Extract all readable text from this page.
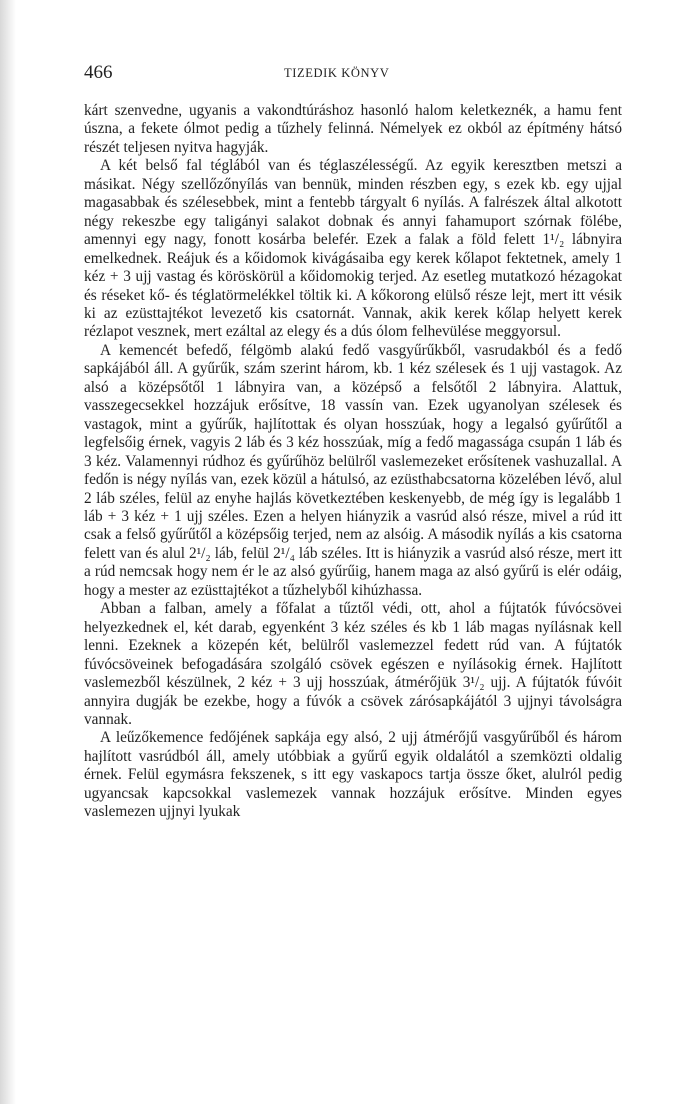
466	TIZEDIK KÖNYV

kárt szenvedne, ugyanis a vakondtúráshoz hasonló halom keletkeznék, a hamu fent úszna, a fekete ólmot pedig a tűzhely felinná. Némelyek ez okból az építmény hátsó részét teljesen nyitva hagyják.

A két belső fal téglából van és téglaszélességű. Az egyik keresztben metszi a másikat. Négy szellőzőnyílás van bennük, minden részben egy, s ezek kb. egy ujjal magasabbak és szélesebbek, mint a fentebb tárgyalt 6 nyílás. A falrészek által alkotott négy rekeszbe egy taligányi salakot dobnak és annyi fahamuport szórnak fölébe, amennyi egy nagy, fonott kosárba belefér. Ezek a falak a föld felett 1¹/₂ lábnyira emelkednek. Reájuk és a kőidomok kivágásaiba egy kerek kőlapot fektetnek, amely 1 kéz + 3 ujj vastag és köröskörül a kőidomokig terjed. Az esetleg mutatkozó hézagokat és réseket kő- és téglatörmelékkel töltik ki. A kőkorong elülső része lejt, mert itt vésik ki az ezüsttajtékot levezető kis csatornát. Vannak, akik kerek kőlap helyett kerek rézlapot vesznek, mert ezáltal az elegy és a dús ólom felhevülése meggyorsul.

A kemencét befedő, félgömb alakú fedő vasgyűrűkből, vasrudakból és a fedő sapkájából áll. A gyűrűk, szám szerint három, kb. 1 kéz szélesek és 1 ujj vastagok. Az alsó a középsőtől 1 lábnyira van, a középső a felsőtől 2 lábnyira. Alattuk, vasszegecsekkel hozzájuk erősítve, 18 vassín van. Ezek ugyanolyan szélesek és vastagok, mint a gyűrűk, hajlítottak és olyan hosszúak, hogy a legalsó gyűrűtől a legfelsőig érnek, vagyis 2 láb és 3 kéz hosszúak, míg a fedő magassága csupán 1 láb és 3 kéz. Valamennyi rúdhoz és gyűrűhöz belülről vaslemezeket erősítenek vashuzallal. A fedőn is négy nyílás van, ezek közül a hátulsó, az ezüsthabcsatorna közelében lévő, alul 2 láb széles, felül az enyhe hajlás következtében keskenyebb, de még így is legalább 1 láb + 3 kéz + 1 ujj széles. Ezen a helyen hiányzik a vasrúd alsó része, mivel a rúd itt csak a felső gyűrűtől a középsőig terjed, nem az alsóig. A második nyílás a kis csatorna felett van és alul 2¹/₂ láb, felül 2¹/₄ láb széles. Itt is hiányzik a vasrúd alsó része, mert itt a rúd nemcsak hogy nem ér le az alsó gyűrűig, hanem maga az alsó gyűrű is elér odáig, hogy a mester az ezüsttajtékot a tűzhelyből kihúzhassa.

Abban a falban, amely a főfalat a tűztől védi, ott, ahol a fújtatók fúvócsövei helyezkednek el, két darab, egyenként 3 kéz széles és kb 1 láb magas nyílásnak kell lenni. Ezeknek a közepén két, belülről vaslemezzel fedett rúd van. A fújtatók fúvócsöveinek befogadására szolgáló csövek egészen e nyílásokig érnek. Hajlított vaslemezből készülnek, 2 kéz + 3 ujj hosszúak, átmérőjük 3¹/₂ ujj. A fújtatók fúvóit annyira dugják be ezekbe, hogy a fúvók a csövek zárósapkájától 3 ujjnyi távolságra vannak.

A leűzőkemence fedőjének sapkája egy alsó, 2 ujj átmérőjű vasgyűrűből és három hajlított vasrúdból áll, amely utóbbiak a gyűrű egyik oldalától a szemközti oldalig érnek. Felül egymásra fekszenek, s itt egy vaskapocs tartja össze őket, alulról pedig ugyancsak kapcsokkal vaslemezek vannak hozzájuk erősítve. Minden egyes vaslemezen ujjnyi lyukak
